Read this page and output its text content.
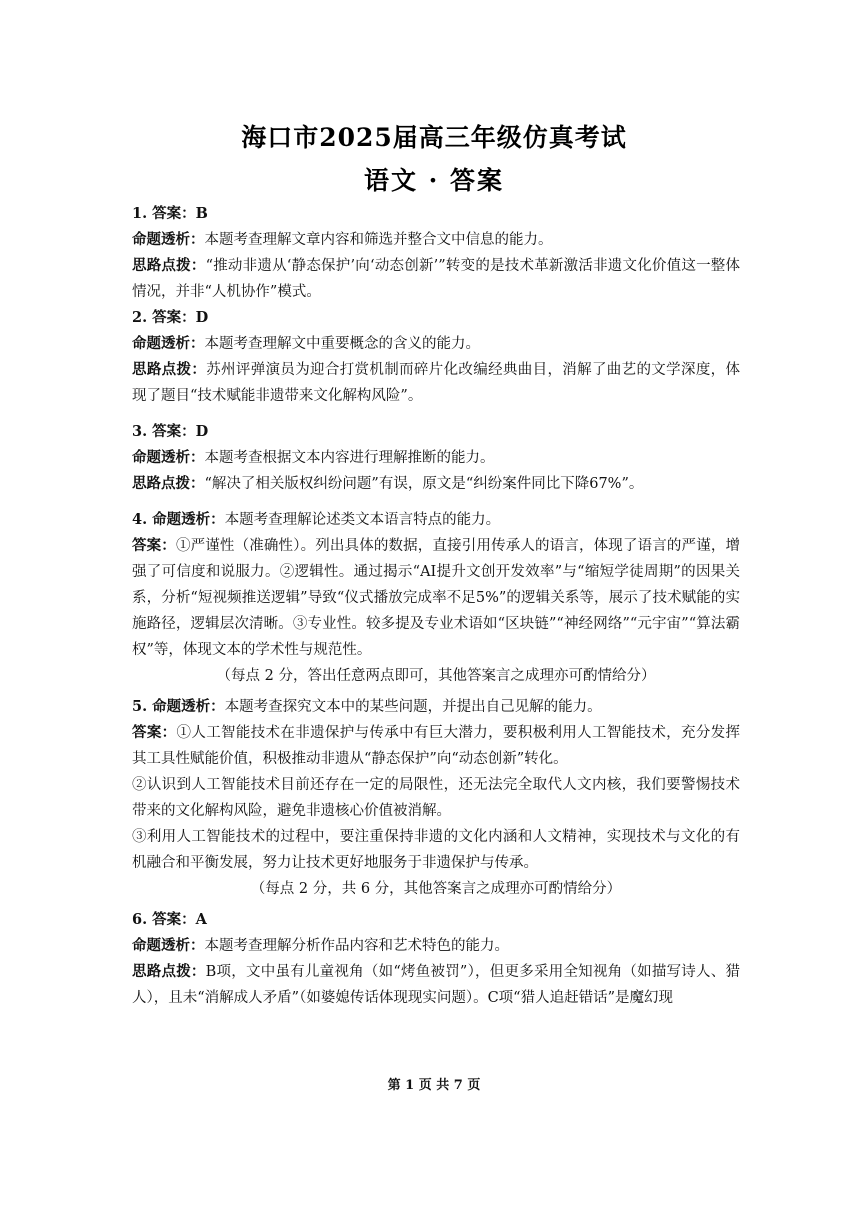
海口市2025届高三年级仿真考试
语文 · 答案

1. 答案：B

命题透析：本题考查理解文章内容和筛选并整合文中信息的能力。

思路点拨：“推动非遗从‘静态保护’向‘动态创新’”转变的是技术革新激活非遗文化价值这一整体情况，并非“人机协作”模式。

2. 答案：D

命题透析：本题考查理解文中重要概念的含义的能力。

思路点拨：苏州评弹演员为迎合打赏机制而碎片化改编经典曲目，消解了曲艺的文学深度，体现了题目“技术赋能非遗带来文化解构风险”。

3. 答案：D

命题透析：本题考查根据文本内容进行理解推断的能力。

思路点拨：“解决了相关版权纠纷问题”有误，原文是“纠纷案件同比下降67%”。

4. 命题透析：本题考查理解论述类文本语言特点的能力。

答案：①严谨性（准确性）。列出具体的数据，直接引用传承人的语言，体现了语言的严谨，增强了可信度和说服力。②逻辑性。通过揭示“AI提升文创开发效率”与“缩短学徒周期”的因果关系，分析“短视频推送逻辑”导致“仪式播放完成率不足5%”的逻辑关系等，展示了技术赋能的实施路径，逻辑层次清晰。③专业性。较多提及专业术语如“区块链”“神经网络”“元宇宙”“算法霸权”等，体现文本的学术性与规范性。

（每点 2 分，答出任意两点即可，其他答案言之成理亦可酌情给分）

5. 命题透析：本题考查探究文本中的某些问题，并提出自己见解的能力。

答案：①人工智能技术在非遗保护与传承中有巨大潜力，要积极利用人工智能技术，充分发挥其工具性赋能价值，积极推动非遗从“静态保护”向“动态创新”转化。

②认识到人工智能技术目前还存在一定的局限性，还无法完全取代人文内核，我们要警惕技术带来的文化解构风险，避免非遗核心价值被消解。

③利用人工智能技术的过程中，要注重保持非遗的文化内涵和人文精神，实现技术与文化的有机融合和平衡发展，努力让技术更好地服务于非遗保护与传承。

（每点 2 分，共 6 分，其他答案言之成理亦可酌情给分）

6. 答案：A

命题透析：本题考查理解分析作品内容和艺术特色的能力。

思路点拨：B项，文中虽有儿童视角（如“烤鱼被罚”），但更多采用全知视角（如描写诗人、猎人），且未“消解成人矛盾”（如婆媳传话体现现实问题）。C项“猎人追赶错话”是魔幻现

第 1 页 共 7 页
